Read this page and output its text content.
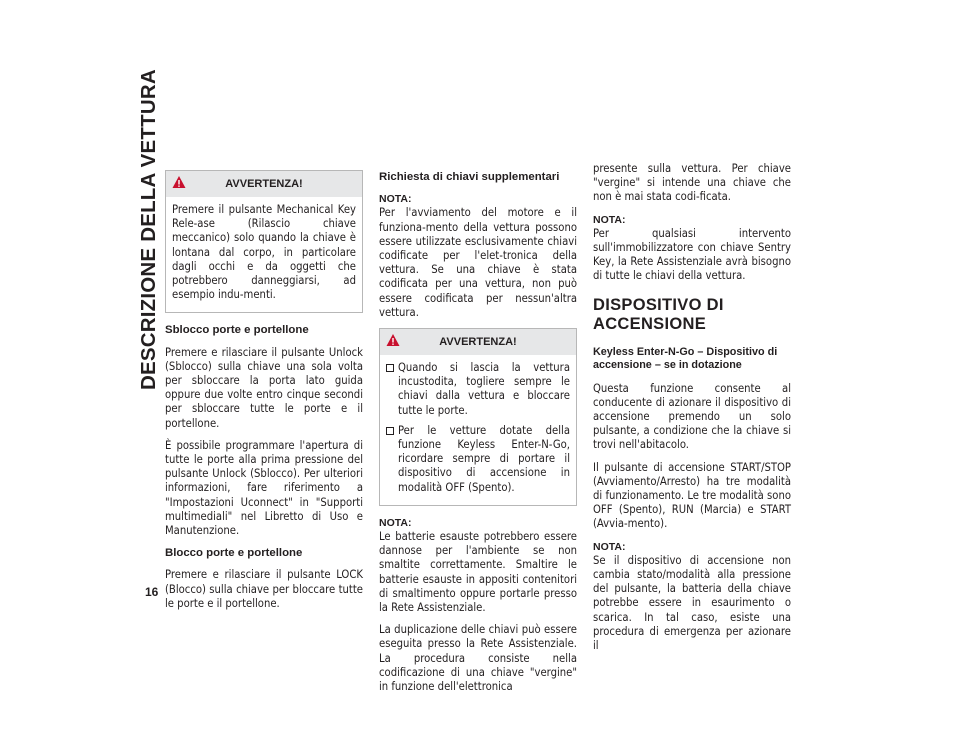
DESCRIZIONE DELLA VETTURA
16
AVVERTENZA!

Premere il pulsante Mechanical Key Rele-ase (Rilascio chiave meccanico) solo quando la chiave è lontana dal corpo, in particolare dagli occhi e da oggetti che potrebbero danneggiarsi, ad esempio indu-menti.

Sblocco porte e portellone

Premere e rilasciare il pulsante Unlock (Sblocco) sulla chiave una sola volta per sbloccare la porta lato guida oppure due volte entro cinque secondi per sbloccare tutte le porte e il portellone.

È possibile programmare l'apertura di tutte le porte alla prima pressione del pulsante Unlock (Sblocco). Per ulteriori informazioni, fare riferimento a "Impostazioni Uconnect" in "Supporti multimediali" nel Libretto di Uso e Manutenzione.

Blocco porte e portellone

Premere e rilasciare il pulsante LOCK (Blocco) sulla chiave per bloccare tutte le porte e il portellone.

Richiesta di chiavi supplementari

NOTA:
Per l'avviamento del motore e il funziona-mento della vettura possono essere utilizzate esclusivamente chiavi codificate per l'elet-tronica della vettura. Se una chiave è stata codificata per una vettura, non può essere codificata per nessun'altra vettura.

AVVERTENZA!
Quando si lascia la vettura incustodita, togliere sempre le chiavi dalla vettura e bloccare tutte le porte.
Per le vetture dotate della funzione Keyless Enter-N-Go, ricordare sempre di portare il dispositivo di accensione in modalità OFF (Spento).

NOTA:
Le batterie esauste potrebbero essere dannose per l'ambiente se non smaltite correttamente. Smaltire le batterie esauste in appositi contenitori di smaltimento oppure portarle presso la Rete Assistenziale.

La duplicazione delle chiavi può essere eseguita presso la Rete Assistenziale. La procedura consiste nella codificazione di una chiave "vergine" in funzione dell'elettronica

presente sulla vettura. Per chiave "vergine" si intende una chiave che non è mai stata codi-ficata.

NOTA:
Per qualsiasi intervento sull'immobilizzatore con chiave Sentry Key, la Rete Assistenziale avrà bisogno di tutte le chiavi della vettura.

DISPOSITIVO DI ACCENSIONE
Keyless Enter-N-Go – Dispositivo di accensione – se in dotazione

Questa funzione consente al conducente di azionare il dispositivo di accensione premendo un solo pulsante, a condizione che la chiave si trovi nell'abitacolo.

Il pulsante di accensione START/STOP (Avviamento/Arresto) ha tre modalità di funzionamento. Le tre modalità sono OFF (Spento), RUN (Marcia) e START (Avvia-mento).

NOTA:
Se il dispositivo di accensione non cambia stato/modalità alla pressione del pulsante, la batteria della chiave potrebbe essere in esaurimento o scarica. In tal caso, esiste una procedura di emergenza per azionare il
